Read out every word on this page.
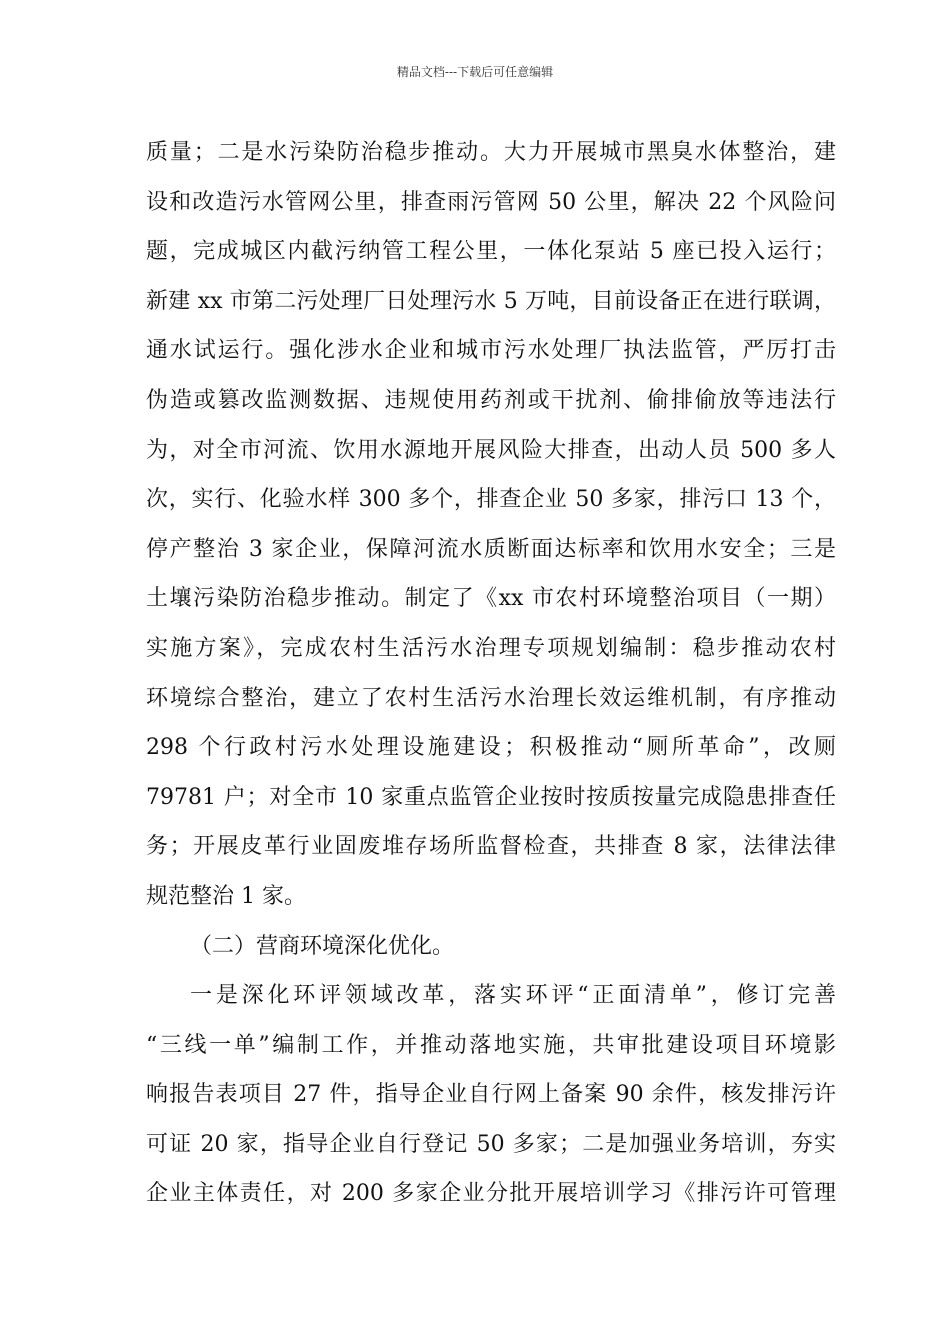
精品文档---下载后可任意编辑
质量；二是水污染防治稳步推动。大力开展城市黑臭水体整治，建
设和改造污水管网公里，排查雨污管网 50 公里，解决 22 个风险问
题，完成城区内截污纳管工程公里，一体化泵站 5 座已投入运行；
新建 xx 市第二污处理厂日处理污水 5 万吨，目前设备正在进行联调，
通水试运行。强化涉水企业和城市污水处理厂执法监管，严厉打击
伪造或篡改监测数据、违规使用药剂或干扰剂、偷排偷放等违法行
为，对全市河流、饮用水源地开展风险大排查，出动人员 500 多人
次，实行、化验水样 300 多个，排查企业 50 多家，排污口 13 个，
停产整治 3 家企业，保障河流水质断面达标率和饮用水安全；三是
土壤污染防治稳步推动。制定了《xx 市农村环境整治项目（一期）
实施方案》，完成农村生活污水治理专项规划编制：稳步推动农村
环境综合整治，建立了农村生活污水治理长效运维机制，有序推动
298 个行政村污水处理设施建设；积极推动“厕所革命”，改厕
79781 户；对全市 10 家重点监管企业按时按质按量完成隐患排查任
务；开展皮革行业固废堆存场所监督检查，共排查 8 家，法律法律
规范整治 1 家。
（二）营商环境深化优化。
一是深化环评领域改革，落实环评“正面清单”，修订完善
“三线一单”编制工作，并推动落地实施，共审批建设项目环境影
响报告表项目 27 件，指导企业自行网上备案 90 余件，核发排污许
可证 20 家，指导企业自行登记 50 多家；二是加强业务培训，夯实
企业主体责任，对 200 多家企业分批开展培训学习《排污许可管理
